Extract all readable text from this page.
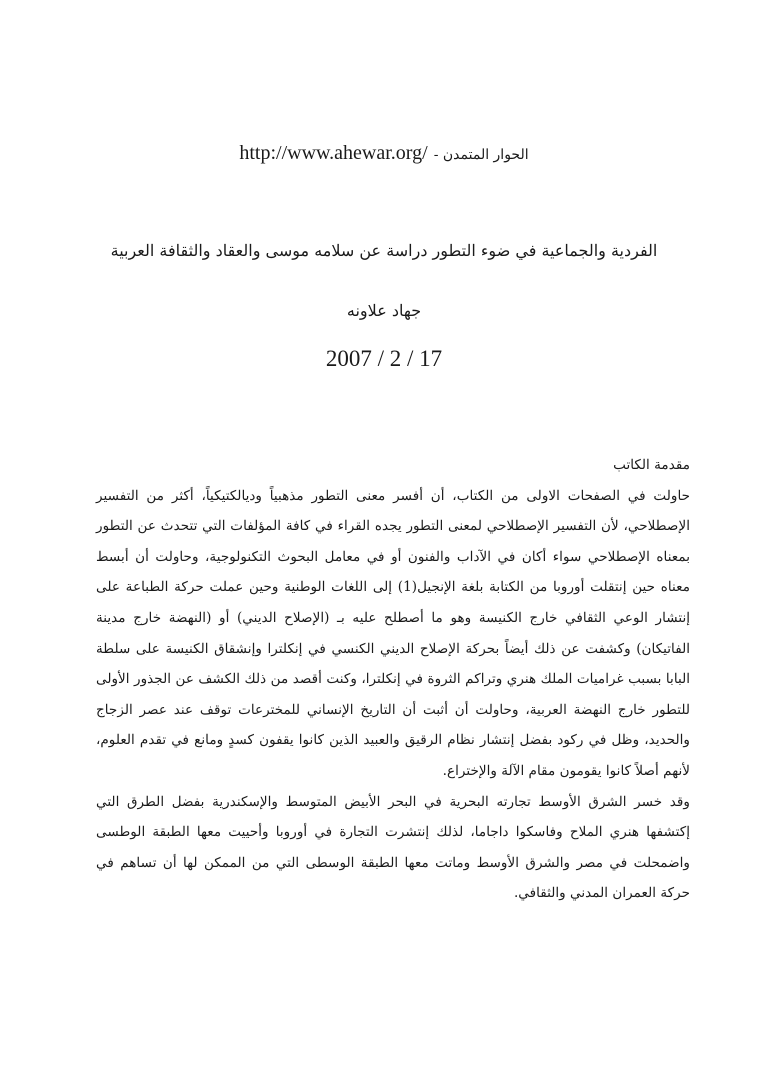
http://www.ahewar.org/ الحوار المتمدن -
الفردية والجماعية في ضوء التطور دراسة عن سلامه موسى والعقاد والثقافة العربية
جهاد علاونه
2007 / 2 / 17

مقدمة الكاتب

حاولت في الصفحات الاولى من الكتاب، أن أفسر معنى التطور مذهبياً وديالكتيكياً، أكثر من التفسير الإصطلاحي، لأن التفسير الإصطلاحي لمعنى التطور يجده القراء في كافة المؤلفات التي تتحدث عن التطور بمعناه الإصطلاحي سواء أكان في الآداب والفنون أو في معامل البحوث التكنولوجية، وحاولت أن أبسط معناه حين إنتقلت أوروبا من الكتابة بلغة الإنجيل(1) إلى اللغات الوطنية وحين عملت حركة الطباعة على إنتشار الوعي الثقافي خارج الكنيسة وهو ما أصطلح عليه بـ (الإصلاح الديني) أو (النهضة خارج مدينة الفاتيكان) وكشفت عن ذلك أيضاً بحركة الإصلاح الديني الكنسي في إنكلترا وإنشقاق الكنيسة على سلطة البابا بسبب غراميات الملك هنري وتراكم الثروة في إنكلترا، وكنت أقصد من ذلك الكشف عن الجذور الأولى للتطور خارج النهضة العربية، وحاولت أن أثبت أن التاريخ الإنساني للمخترعات توقف عند عصر الزجاج والحديد، وظل في ركود بفضل إنتشار نظام الرقيق والعبيد الذين كانوا يقفون كسدٍ ومانع في تقدم العلوم، لأنهم أصلاً كانوا يقومون مقام الآلة والإختراع.

وقد خسر الشرق الأوسط تجارته البحرية في البحر الأبيض المتوسط والإسكندرية بفضل الطرق التي إكتشفها هنري الملاح وفاسكوا داجاما، لذلك إنتشرت التجارة في أوروبا وأحييت معها الطبقة الوطسى واضمحلت في مصر والشرق الأوسط وماتت معها الطبقة الوسطى التي من الممكن لها أن تساهم في حركة العمران المدني والثقافي.
